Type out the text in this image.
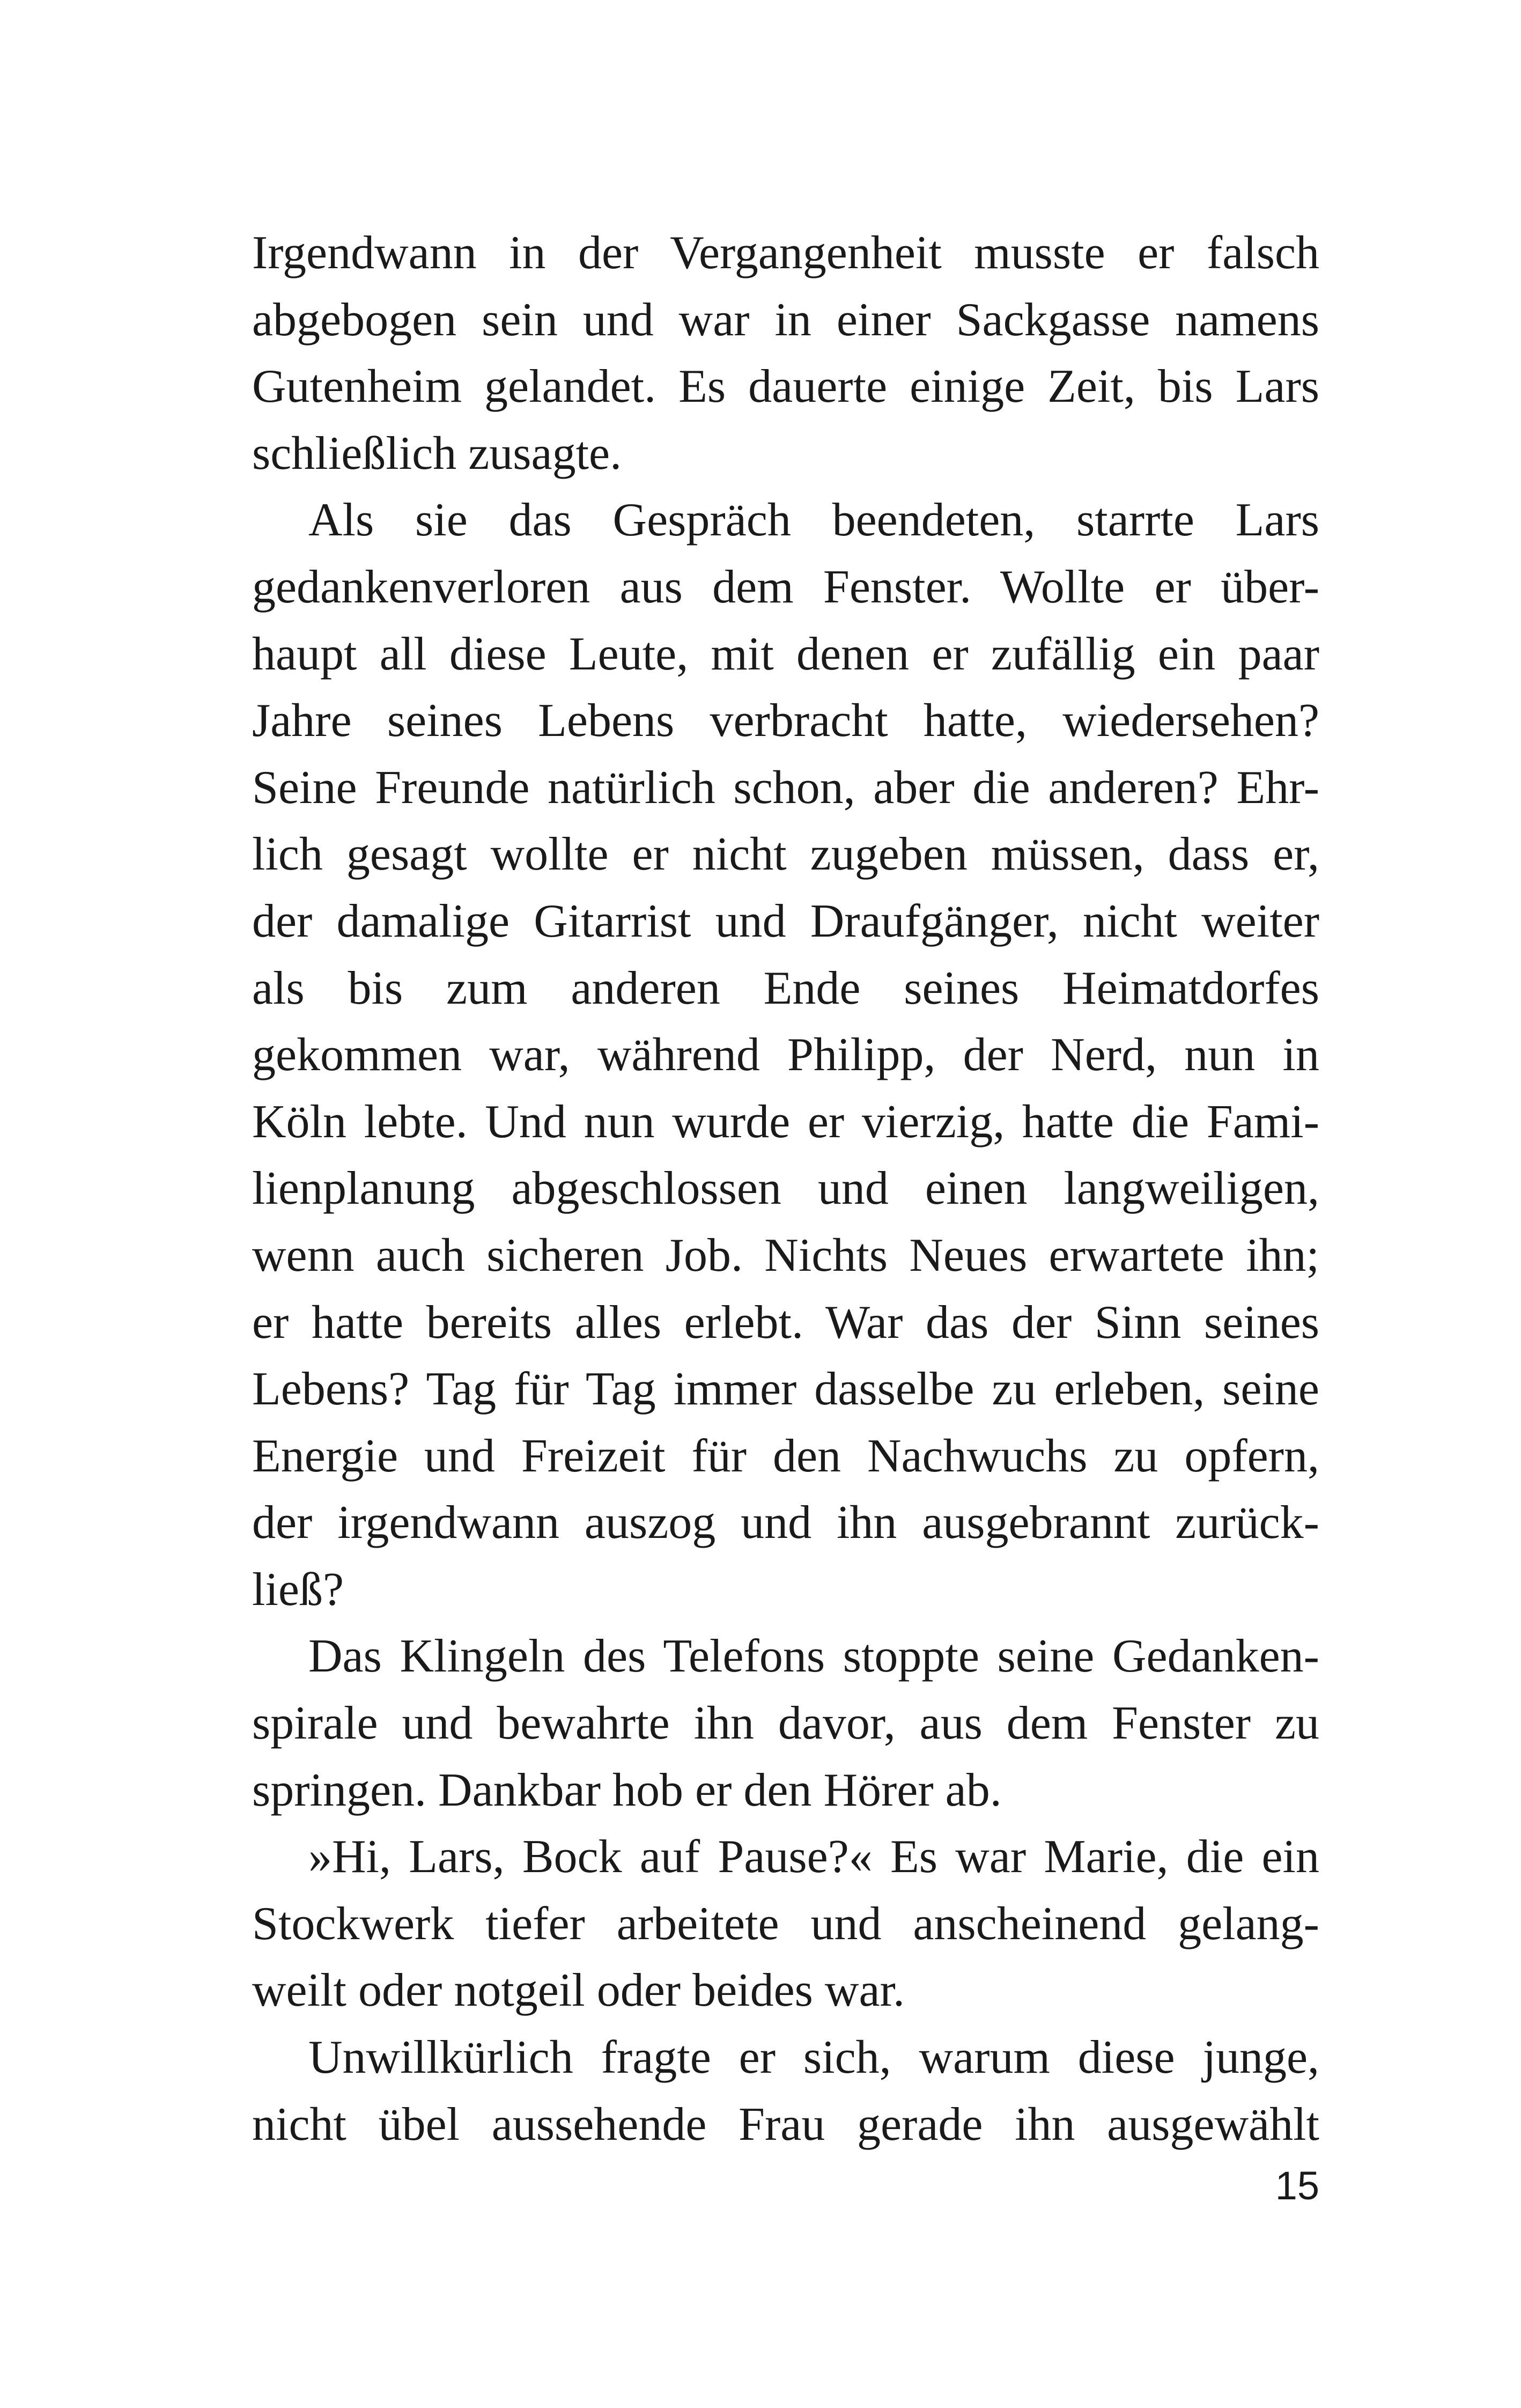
Irgendwann in der Vergangenheit musste er falsch
abgebogen sein und war in einer Sackgasse namens
Gutenheim gelandet. Es dauerte einige Zeit, bis Lars
schließlich zusagte.
Als sie das Gespräch beendeten, starrte Lars
gedankenverloren aus dem Fenster. Wollte er über-
haupt all diese Leute, mit denen er zufällig ein paar
Jahre seines Lebens verbracht hatte, wiedersehen?
Seine Freunde natürlich schon, aber die anderen? Ehr-
lich gesagt wollte er nicht zugeben müssen, dass er,
der damalige Gitarrist und Draufgänger, nicht weiter
als bis zum anderen Ende seines Heimatdorfes
gekommen war, während Philipp, der Nerd, nun in
Köln lebte. Und nun wurde er vierzig, hatte die Fami-
lienplanung abgeschlossen und einen langweiligen,
wenn auch sicheren Job. Nichts Neues erwartete ihn;
er hatte bereits alles erlebt. War das der Sinn seines
Lebens? Tag für Tag immer dasselbe zu erleben, seine
Energie und Freizeit für den Nachwuchs zu opfern,
der irgendwann auszog und ihn ausgebrannt zurück-
ließ?
Das Klingeln des Telefons stoppte seine Gedanken-
spirale und bewahrte ihn davor, aus dem Fenster zu
springen. Dankbar hob er den Hörer ab.
»Hi, Lars, Bock auf Pause?« Es war Marie, die ein
Stockwerk tiefer arbeitete und anscheinend gelang-
weilt oder notgeil oder beides war.
Unwillkürlich fragte er sich, warum diese junge,
nicht übel aussehende Frau gerade ihn ausgewählt
15
